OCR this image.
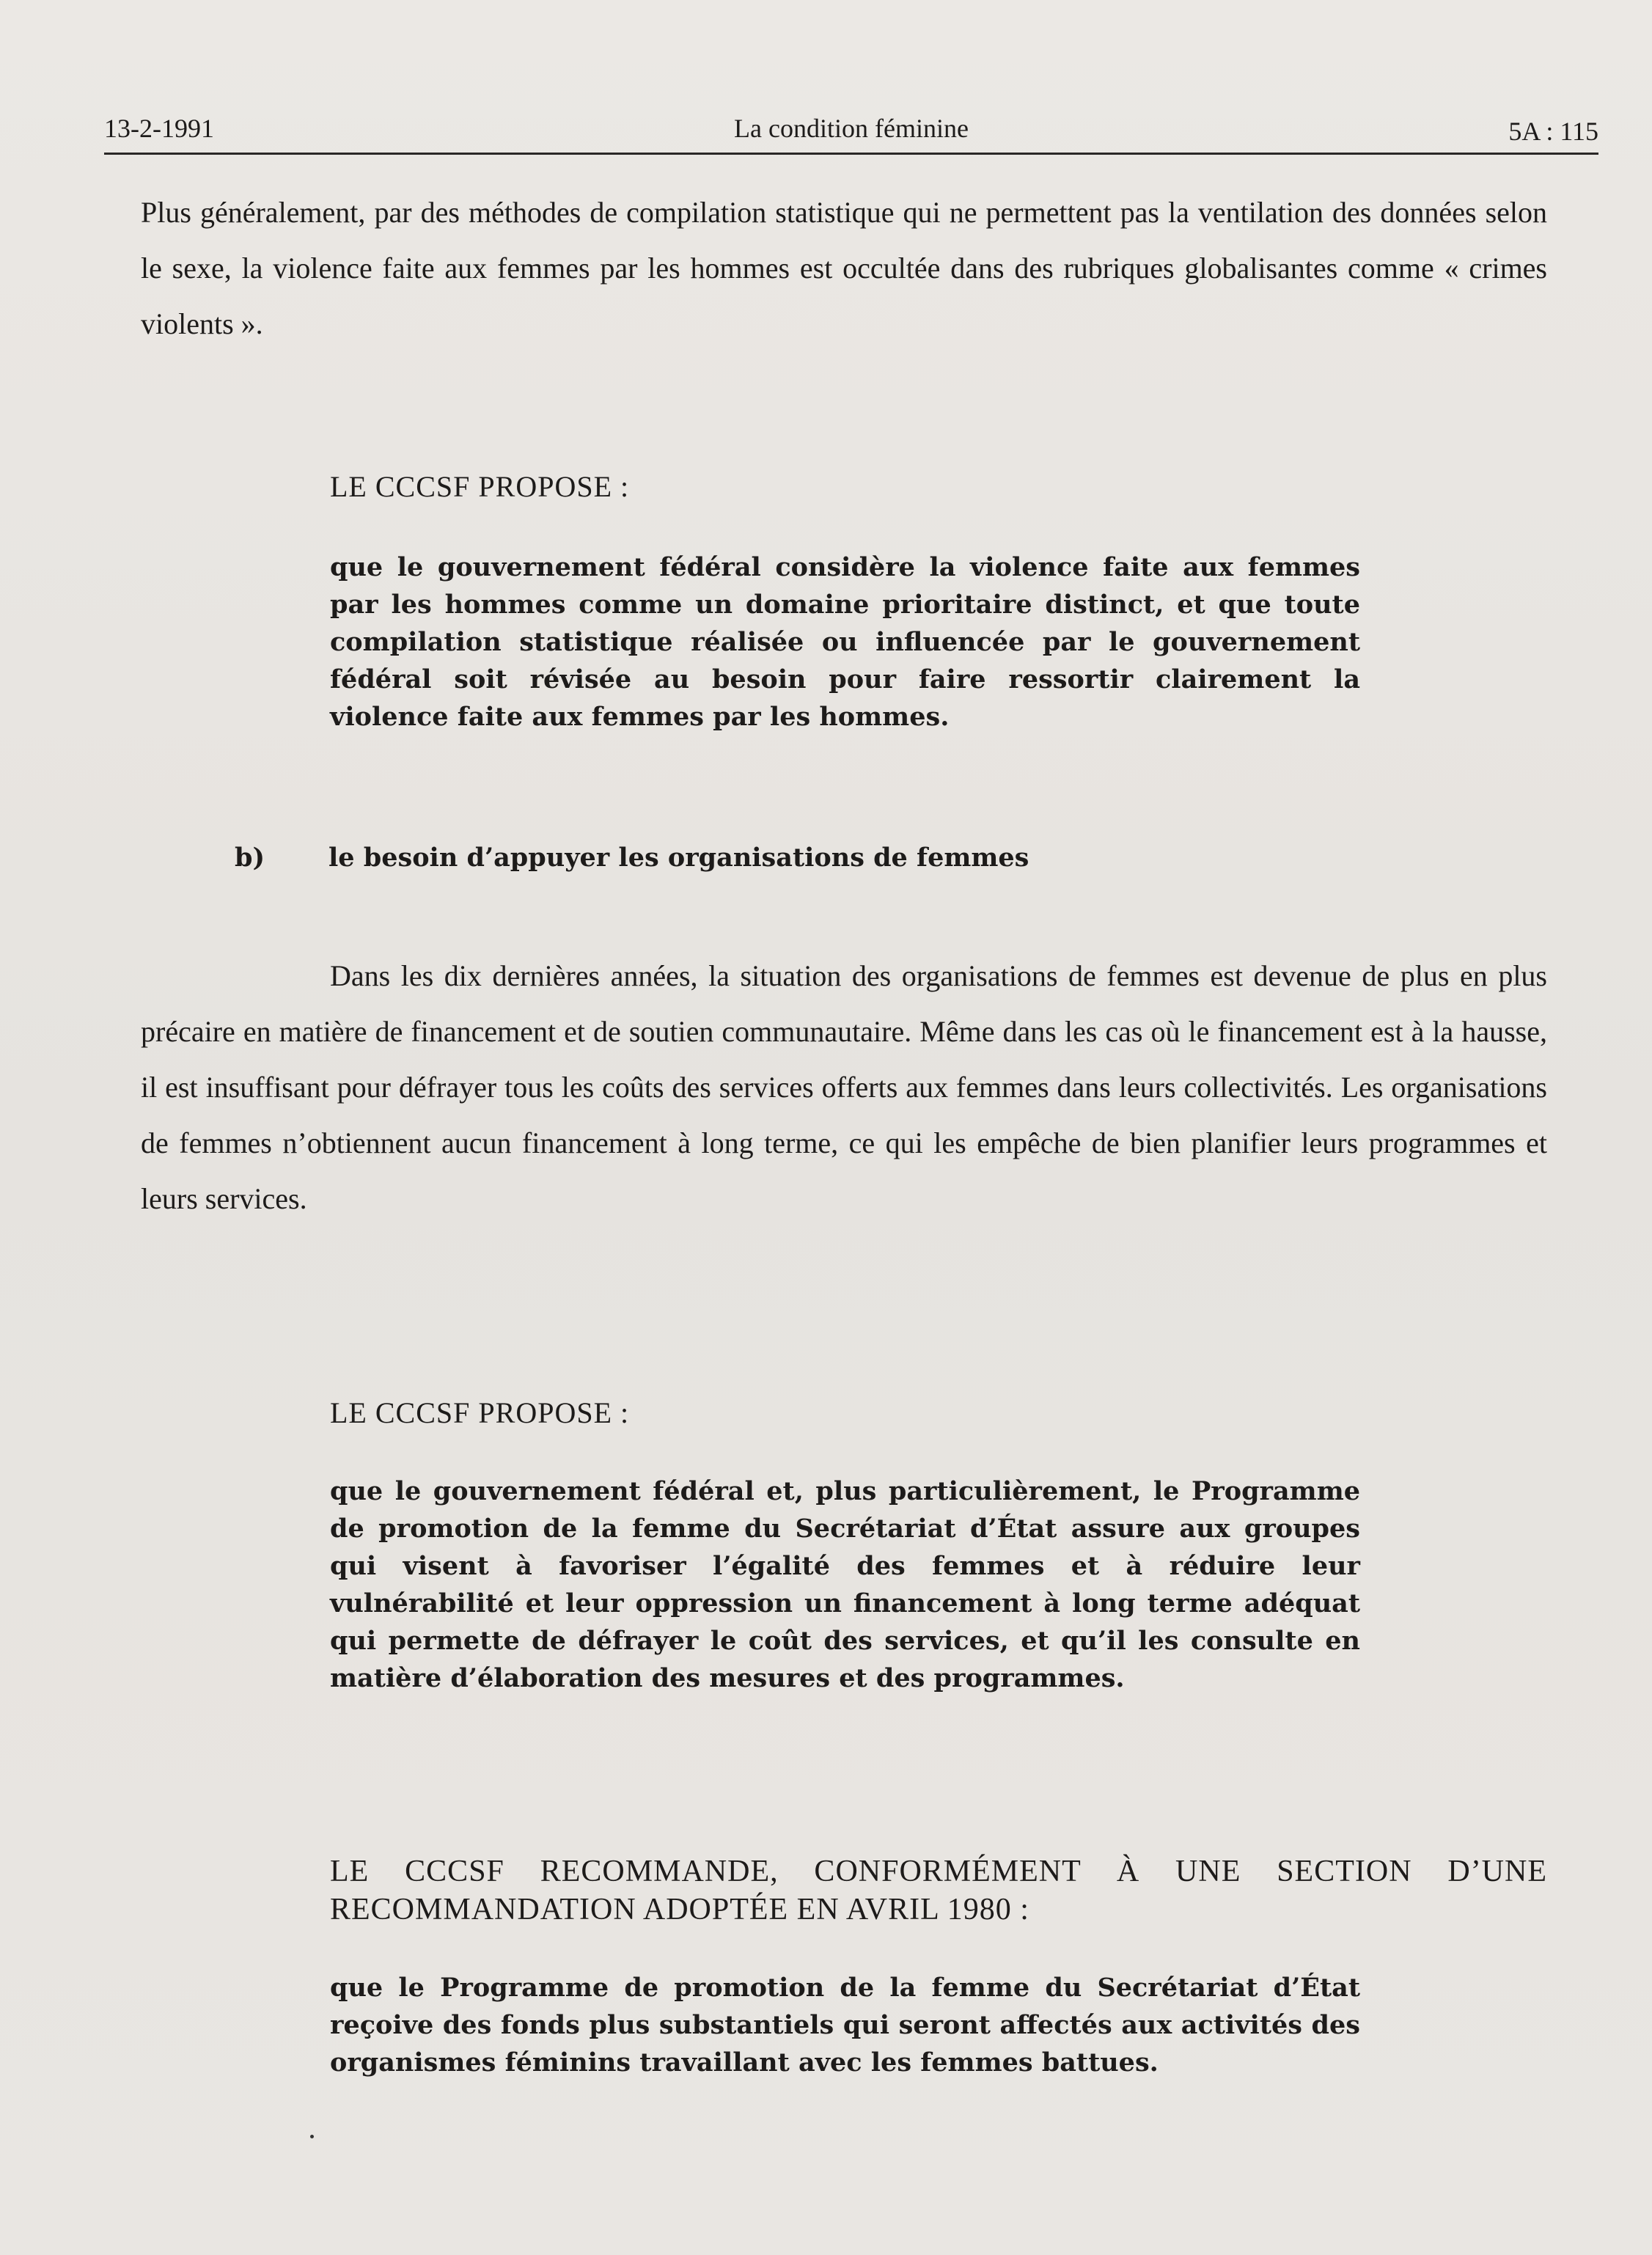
13-2-1991	La condition féminine	5A : 115

Plus généralement, par des méthodes de compilation statistique qui ne permettent pas la ventilation des données selon le sexe, la violence faite aux femmes par les hommes est occultée dans des rubriques globalisantes comme « crimes violents ».

LE CCCSF PROPOSE :

que le gouvernement fédéral considère la violence faite aux femmes par les hommes comme un domaine prioritaire distinct, et que toute compilation statistique réalisée ou influencée par le gouvernement fédéral soit révisée au besoin pour faire ressortir clairement la violence faite aux femmes par les hommes.

b) le besoin d’appuyer les organisations de femmes

Dans les dix dernières années, la situation des organisations de femmes est devenue de plus en plus précaire en matière de financement et de soutien communautaire. Même dans les cas où le financement est à la hausse, il est insuffisant pour défrayer tous les coûts des services offerts aux femmes dans leurs collectivités. Les organisations de femmes n’obtiennent aucun financement à long terme, ce qui les empêche de bien planifier leurs programmes et leurs services.

LE CCCSF PROPOSE :

que le gouvernement fédéral et, plus particulièrement, le Programme de promotion de la femme du Secrétariat d’État assure aux groupes qui visent à favoriser l’égalité des femmes et à réduire leur vulnérabilité et leur oppression un financement à long terme adéquat qui permette de défrayer le coût des services, et qu’il les consulte en matière d’élaboration des mesures et des programmes.

LE CCCSF RECOMMANDE, CONFORMÉMENT À UNE SECTION D’UNE RECOMMANDATION ADOPTÉE EN AVRIL 1980 :

que le Programme de promotion de la femme du Secrétariat d’État reçoive des fonds plus substantiels qui seront affectés aux activités des organismes féminins travaillant avec les femmes battues.
